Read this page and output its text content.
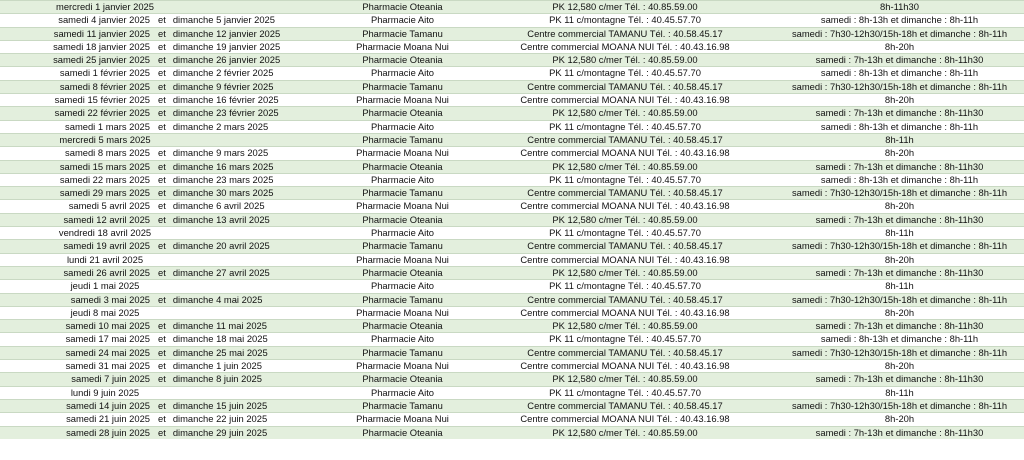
mercredi 1 janvier 2025	Pharmacie Oteania	PK 12,580 c/mer Tél. : 40.85.59.00	8h-11h30
samedi 4 janvier 2025 et dimanche 5 janvier 2025	Pharmacie Aito	PK 11 c/montagne Tél. : 40.45.57.70	samedi : 8h-13h et dimanche : 8h-11h
samedi 11 janvier 2025 et dimanche 12 janvier 2025	Pharmacie Tamanu	Centre commercial TAMANU Tél. : 40.58.45.17	samedi : 7h30-12h30/15h-18h et dimanche : 8h-11h
samedi 18 janvier 2025 et dimanche 19 janvier 2025	Pharmacie Moana Nui	Centre commercial MOANA NUI Tél. : 40.43.16.98	8h-20h
samedi 25 janvier 2025 et dimanche 26 janvier 2025	Pharmacie Oteania	PK 12,580 c/mer Tél. : 40.85.59.00	samedi : 7h-13h et dimanche : 8h-11h30
samedi 1 février 2025 et dimanche 2 février 2025	Pharmacie Aito	PK 11 c/montagne Tél. : 40.45.57.70	samedi : 8h-13h et dimanche : 8h-11h
samedi 8 février 2025 et dimanche 9 février 2025	Pharmacie Tamanu	Centre commercial TAMANU Tél. : 40.58.45.17	samedi : 7h30-12h30/15h-18h et dimanche : 8h-11h
samedi 15 février 2025 et dimanche 16 février 2025	Pharmacie Moana Nui	Centre commercial MOANA NUI Tél. : 40.43.16.98	8h-20h
samedi 22 février 2025 et dimanche 23 février 2025	Pharmacie Oteania	PK 12,580 c/mer Tél. : 40.85.59.00	samedi : 7h-13h et dimanche : 8h-11h30
samedi 1 mars 2025 et dimanche 2 mars 2025	Pharmacie Aito	PK 11 c/montagne Tél. : 40.45.57.70	samedi : 8h-13h et dimanche : 8h-11h
mercredi 5 mars 2025	Pharmacie Tamanu	Centre commercial TAMANU Tél. : 40.58.45.17	8h-11h
samedi 8 mars 2025 et dimanche 9 mars 2025	Pharmacie Moana Nui	Centre commercial MOANA NUI Tél. : 40.43.16.98	8h-20h
samedi 15 mars 2025 et dimanche 16 mars 2025	Pharmacie Oteania	PK 12,580 c/mer Tél. : 40.85.59.00	samedi : 7h-13h et dimanche : 8h-11h30
samedi 22 mars 2025 et dimanche 23 mars 2025	Pharmacie Aito	PK 11 c/montagne Tél. : 40.45.57.70	samedi : 8h-13h et dimanche : 8h-11h
samedi 29 mars 2025 et dimanche 30 mars 2025	Pharmacie Tamanu	Centre commercial TAMANU Tél. : 40.58.45.17	samedi : 7h30-12h30/15h-18h et dimanche : 8h-11h
samedi 5 avril 2025 et dimanche 6 avril 2025	Pharmacie Moana Nui	Centre commercial MOANA NUI Tél. : 40.43.16.98	8h-20h
samedi 12 avril 2025 et dimanche 13 avril 2025	Pharmacie Oteania	PK 12,580 c/mer Tél. : 40.85.59.00	samedi : 7h-13h et dimanche : 8h-11h30
vendredi 18 avril 2025	Pharmacie Aito	PK 11 c/montagne Tél. : 40.45.57.70	8h-11h
samedi 19 avril 2025 et dimanche 20 avril 2025	Pharmacie Tamanu	Centre commercial TAMANU Tél. : 40.58.45.17	samedi : 7h30-12h30/15h-18h et dimanche : 8h-11h
lundi 21 avril 2025	Pharmacie Moana Nui	Centre commercial MOANA NUI Tél. : 40.43.16.98	8h-20h
samedi 26 avril 2025 et dimanche 27 avril 2025	Pharmacie Oteania	PK 12,580 c/mer Tél. : 40.85.59.00	samedi : 7h-13h et dimanche : 8h-11h30
jeudi 1 mai 2025	Pharmacie Aito	PK 11 c/montagne Tél. : 40.45.57.70	8h-11h
samedi 3 mai 2025 et dimanche 4 mai 2025	Pharmacie Tamanu	Centre commercial TAMANU Tél. : 40.58.45.17	samedi : 7h30-12h30/15h-18h et dimanche : 8h-11h
jeudi 8 mai 2025	Pharmacie Moana Nui	Centre commercial MOANA NUI Tél. : 40.43.16.98	8h-20h
samedi 10 mai 2025 et dimanche 11 mai 2025	Pharmacie Oteania	PK 12,580 c/mer Tél. : 40.85.59.00	samedi : 7h-13h et dimanche : 8h-11h30
samedi 17 mai 2025 et dimanche 18 mai 2025	Pharmacie Aito	PK 11 c/montagne Tél. : 40.45.57.70	samedi : 8h-13h et dimanche : 8h-11h
samedi 24 mai 2025 et dimanche 25 mai 2025	Pharmacie Tamanu	Centre commercial TAMANU Tél. : 40.58.45.17	samedi : 7h30-12h30/15h-18h et dimanche : 8h-11h
samedi 31 mai 2025 et dimanche 1 juin 2025	Pharmacie Moana Nui	Centre commercial MOANA NUI Tél. : 40.43.16.98	8h-20h
samedi 7 juin 2025 et dimanche 8 juin 2025	Pharmacie Oteania	PK 12,580 c/mer Tél. : 40.85.59.00	samedi : 7h-13h et dimanche : 8h-11h30
lundi 9 juin 2025	Pharmacie Aito	PK 11 c/montagne Tél. : 40.45.57.70	8h-11h
samedi 14 juin 2025 et dimanche 15 juin 2025	Pharmacie Tamanu	Centre commercial TAMANU Tél. : 40.58.45.17	samedi : 7h30-12h30/15h-18h et dimanche : 8h-11h
samedi 21 juin 2025 et dimanche 22 juin 2025	Pharmacie Moana Nui	Centre commercial MOANA NUI Tél. : 40.43.16.98	8h-20h
samedi 28 juin 2025 et dimanche 29 juin 2025	Pharmacie Oteania	PK 12,580 c/mer Tél. : 40.85.59.00	samedi : 7h-13h et dimanche : 8h-11h30
